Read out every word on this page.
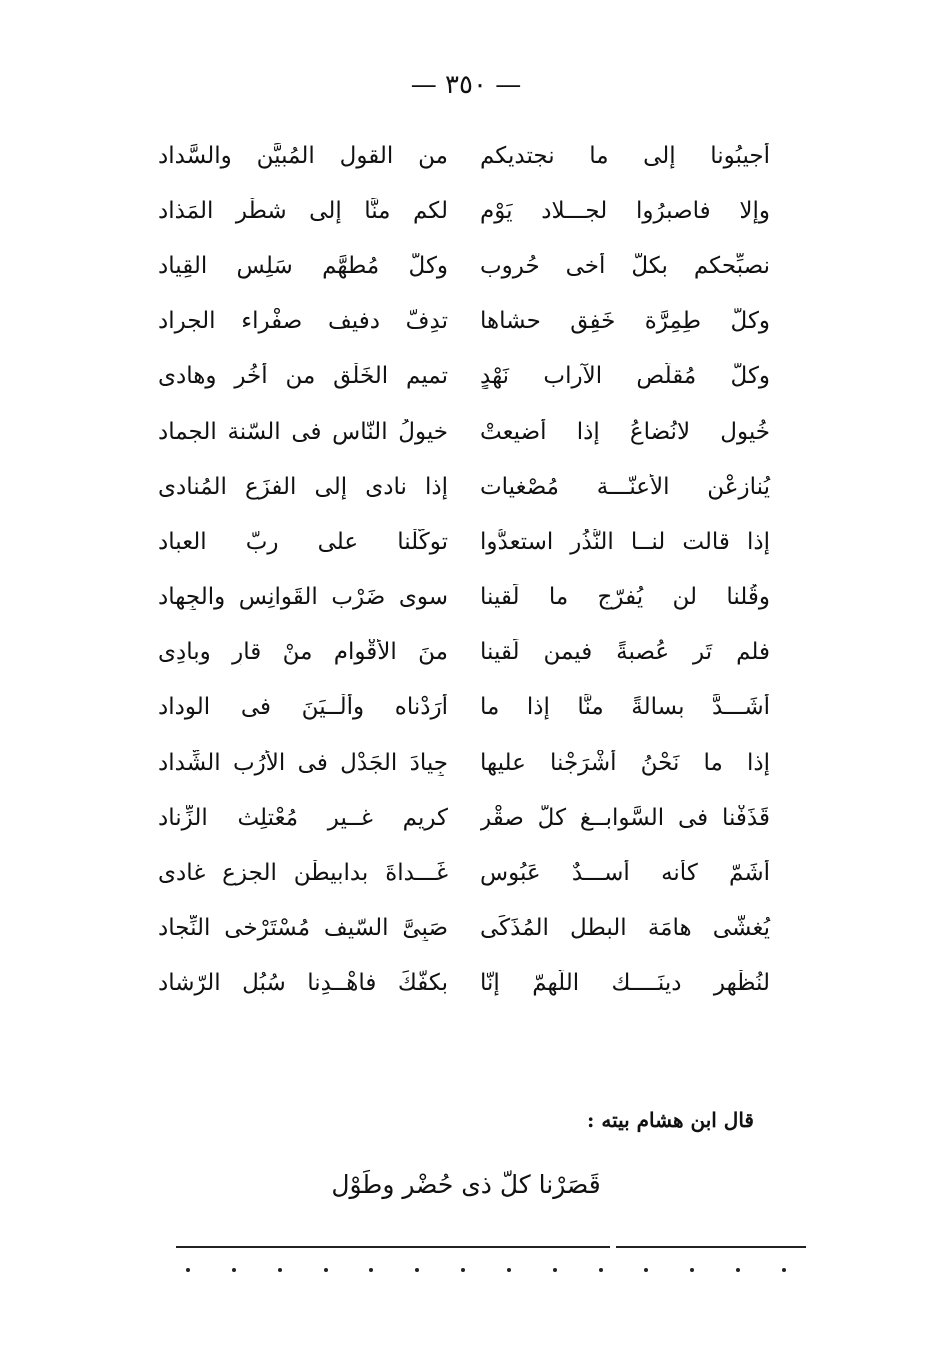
— ٣٥٠ —
أجيبُونا إلى ما نجتديكم
من القول المُبيَّن والسَّداد
وإلا فاصبرُوا لجـــلاد يَوْمٍ
لكم منَّا إلى شطْر المَذاد
نصبِّحكم بكلّ أخى حُروب
وكلّ مُطهَّم سَلِس القِياد
وكلّ طِمِرَّة خَفِق حشاها
تدِفّ دفيف صفْراء الجراد
وكلّ مُقلَّص الآراب نَهْدٍ
تميم الخَلْق من أُخُرٍ وهادى
خُيول لانُضاعُ إذا أُضيعتْ
خيولُ النّاس فى السّنة الجماد
يُنازعْن الأعنّـــة مُصْغيات
إذا نادى إلى الفزَع المُنادى
إذا قالت لنــا النُّذُر استعدُّوا
توكَّلْنا على ربّ العباد
وقُلنا لن يُفرّج ما لَقينا
سوى ضَرْب القَوانِس والجِهاد
فلم تَر عُصبةً فيمن لَقينا
منَ الأقْوام منْ قارٍ وبادِى
أشَـــدَّ بسالةً منَّا إذا ما
أرَدْناه وألْــيَنَ فى الوِداد
إذا ما نَحْنُ أشْرَجْنا عليها
جِيادَ الجَدْل فى الأُرُب الشِّداد
قَذَفْنا فى السَّوابــغ كلّ صقْرٍ
كريمٍ غــير مُعْتلِث الزِّناد
أشَمّ كأنه أســـدٌ عَبُوس
غَـــداةَ بدابيطْن الجزع غادى
يُغشّى هامَة البطل المُذَكِّى
صَبِىَّ السّيف مُسْتَرْخى النِّجاد
لنُظْهِر دينَــــك اللّهمّ إنّا
بكفّكَ فاهْــدِنا سُبُل الرّشاد
قال ابن هشام بيته :
قَصَرْنا كلّ ذى حُضْر وطَوْل
